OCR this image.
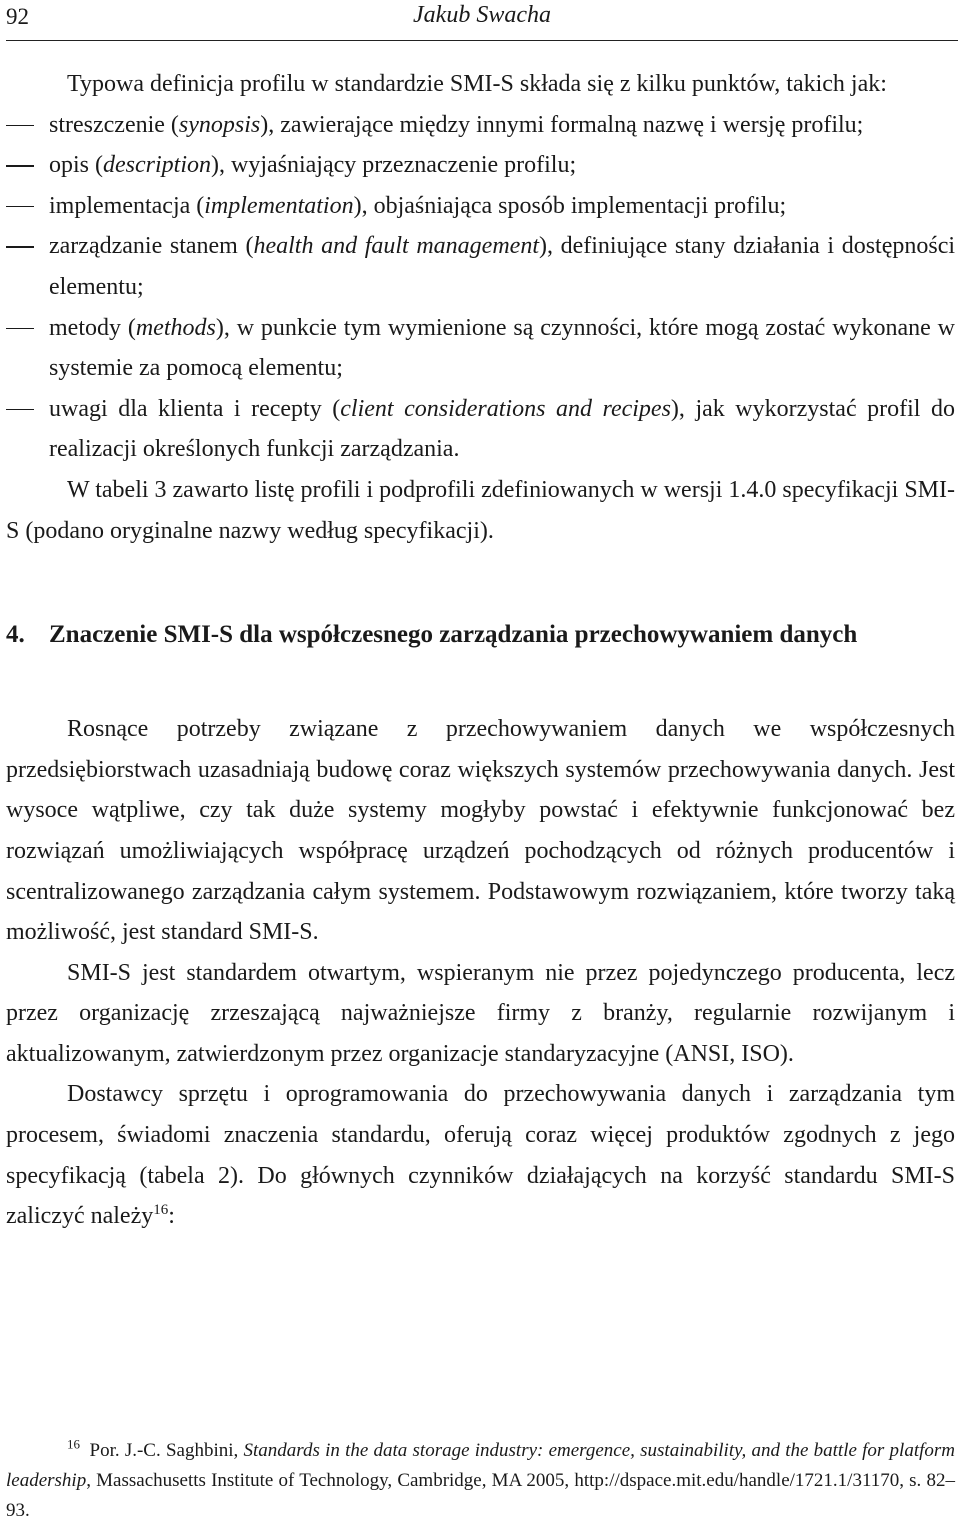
92	Jakub Swacha

Typowa definicja profilu w standardzie SMI-S składa się z kilku punktów, takich jak:

streszczenie (synopsis), zawierające między innymi formalną nazwę i wersję profilu;
opis (description), wyjaśniający przeznaczenie profilu;
implementacja (implementation), objaśniająca sposób implementacji profilu;
zarządzanie stanem (health and fault management), definiujące stany działania i dostępności elementu;
metody (methods), w punkcie tym wymienione są czynności, które mogą zostać wykonane w systemie za pomocą elementu;
uwagi dla klienta i recepty (client considerations and recipes), jak wykorzystać profil do realizacji określonych funkcji zarządzania.

W tabeli 3 zawarto listę profili i podprofili zdefiniowanych w wersji 1.4.0 specyfikacji SMI-S (podano oryginalne nazwy według specyfikacji).

4. Znaczenie SMI-S dla współczesnego zarządzania przechowywaniem danych

Rosnące potrzeby związane z przechowywaniem danych we współczesnych przedsiębiorstwach uzasadniają budowę coraz większych systemów przechowywania danych. Jest wysoce wątpliwe, czy tak duże systemy mogłyby powstać i efektywnie funkcjonować bez rozwiązań umożliwiających współpracę urządzeń pochodzących od różnych producentów i scentralizowanego zarządzania całym systemem. Podstawowym rozwiązaniem, które tworzy taką możliwość, jest standard SMI-S.

SMI-S jest standardem otwartym, wspieranym nie przez pojedynczego producenta, lecz przez organizację zrzeszającą najważniejsze firmy z branży, regularnie rozwijanym i aktualizowanym, zatwierdzonym przez organizacje standaryzacyjne (ANSI, ISO).

Dostawcy sprzętu i oprogramowania do przechowywania danych i zarządzania tym procesem, świadomi znaczenia standardu, oferują coraz więcej produktów zgodnych z jego specyfikacją (tabela 2). Do głównych czynników działających na korzyść standardu SMI-S zaliczyć należy$^{16}$:

$^{16}$  Por. J.-C. Saghbini, Standards in the data storage industry: emergence, sustainability, and the battle for platform leadership, Massachusetts Institute of Technology, Cambridge, MA 2005, http://dspace.mit.edu/handle/1721.1/31170, s. 82–93.
